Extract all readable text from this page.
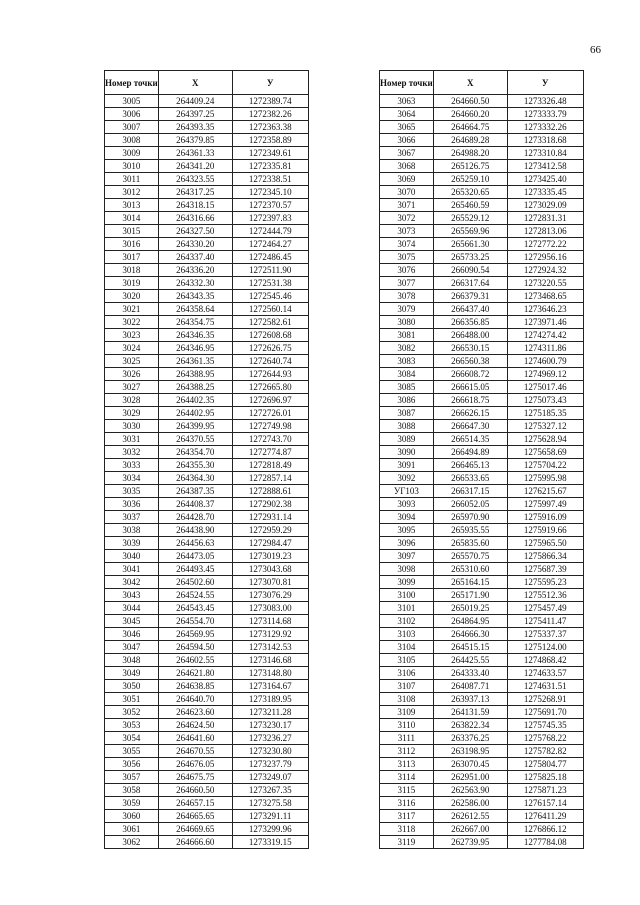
66
Номер точки	X	У
3005	264409.24	1272389.74
3006	264397.25	1272382.26
3007	264393.35	1272363.38
3008	264379.85	1272358.89
3009	264361.33	1272349.61
3010	264341.20	1272335.81
3011	264323.55	1272338.51
3012	264317.25	1272345.10
3013	264318.15	1272370.57
3014	264316.66	1272397.83
3015	264327.50	1272444.79
3016	264330.20	1272464.27
3017	264337.40	1272486.45
3018	264336.20	1272511.90
3019	264332.30	1272531.38
3020	264343.35	1272545.46
3021	264358.64	1272560.14
3022	264354.75	1272582.61
3023	264346.35	1272608.68
3024	264346.95	1272626.75
3025	264361.35	1272640.74
3026	264388.95	1272644.93
3027	264388.25	1272665.80
3028	264402.35	1272696.97
3029	264402.95	1272726.01
3030	264399.95	1272749.98
3031	264370.55	1272743.70
3032	264354.70	1272774.87
3033	264355.30	1272818.49
3034	264364.30	1272857.14
3035	264387.35	1272888.61
3036	264408.37	1272902.38
3037	264428.70	1272931.14
3038	264438.90	1272959.29
3039	264456.63	1272984.47
3040	264473.05	1273019.23
3041	264493.45	1273043.68
3042	264502.60	1273070.81
3043	264524.55	1273076.29
3044	264543.45	1273083.00
3045	264554.70	1273114.68
3046	264569.95	1273129.92
3047	264594.50	1273142.53
3048	264602.55	1273146.68
3049	264621.80	1273148.80
3050	264638.85	1273164.67
3051	264640.70	1273189.95
3052	264623.60	1273211.28
3053	264624.50	1273230.17
3054	264641.60	1273236.27
3055	264670.55	1273230.80
3056	264676.05	1273237.79
3057	264675.75	1273249.07
3058	264660.50	1273267.35
3059	264657.15	1273275.58
3060	264665.65	1273291.11
3061	264669.65	1273299.96
3062	264666.60	1273319.15
Номер точки	X	У
3063	264660.50	1273326.48
3064	264660.20	1273333.79
3065	264664.75	1273332.26
3066	264689.28	1273318.68
3067	264988.20	1273310.84
3068	265126.75	1273412.58
3069	265259.10	1273425.40
3070	265320.65	1273335.45
3071	265460.59	1273029.09
3072	265529.12	1272831.31
3073	265569.96	1272813.06
3074	265661.30	1272772.22
3075	265733.25	1272956.16
3076	266090.54	1272924.32
3077	266317.64	1273220.55
3078	266379.31	1273468.65
3079	266437.40	1273646.23
3080	266356.85	1273971.46
3081	266488.00	1274274.42
3082	266530.15	1274311.86
3083	266560.38	1274600.79
3084	266608.72	1274969.12
3085	266615.05	1275017.46
3086	266618.75	1275073.43
3087	266626.15	1275185.35
3088	266647.30	1275327.12
3089	266514.35	1275628.94
3090	266494.89	1275658.69
3091	266465.13	1275704.22
3092	266533.65	1275995.98
УГ103	266317.15	1276215.67
3093	266052.05	1275997.49
3094	265970.90	1275916.09
3095	265935.55	1275919.66
3096	265835.60	1275965.50
3097	265570.75	1275866.34
3098	265310.60	1275687.39
3099	265164.15	1275595.23
3100	265171.90	1275512.36
3101	265019.25	1275457.49
3102	264864.95	1275411.47
3103	264666.30	1275337.37
3104	264515.15	1275124.00
3105	264425.55	1274868.42
3106	264333.40	1274633.57
3107	264087.71	1274631.51
3108	263937.13	1275268.91
3109	264131.59	1275691.70
3110	263822.34	1275745.35
3111	263376.25	1275768.22
3112	263198.95	1275782.82
3113	263070.45	1275804.77
3114	262951.00	1275825.18
3115	262563.90	1275871.23
3116	262586.00	1276157.14
3117	262612.55	1276411.29
3118	262667.00	1276866.12
3119	262739.95	1277784.08
